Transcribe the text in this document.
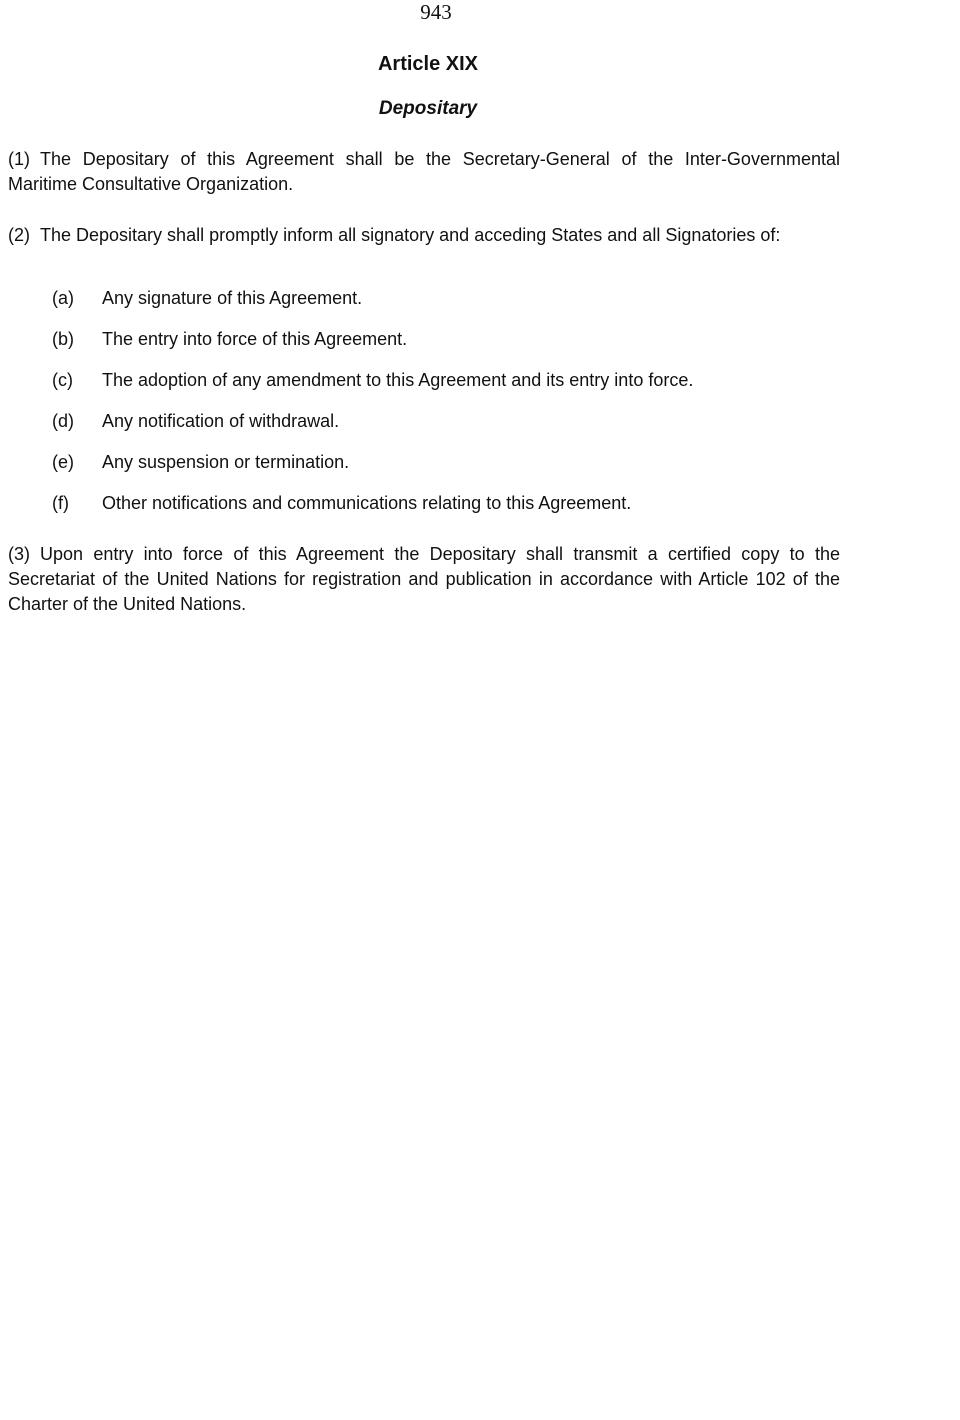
943
Article XIX
Depositary

(1) The Depositary of this Agreement shall be the Secretary-General of the Inter-Governmental Maritime Consultative Organization.

(2) The Depositary shall promptly inform all signatory and acceding States and all Signatories of:

(a) Any signature of this Agreement.
(b) The entry into force of this Agreement.
(c) The adoption of any amendment to this Agreement and its entry into force.
(d) Any notification of withdrawal.
(e) Any suspension or termination.
(f) Other notifications and communications relating to this Agreement.

(3) Upon entry into force of this Agreement the Depositary shall transmit a certified copy to the Secretariat of the United Nations for registration and publication in accordance with Article 102 of the Charter of the United Nations.
